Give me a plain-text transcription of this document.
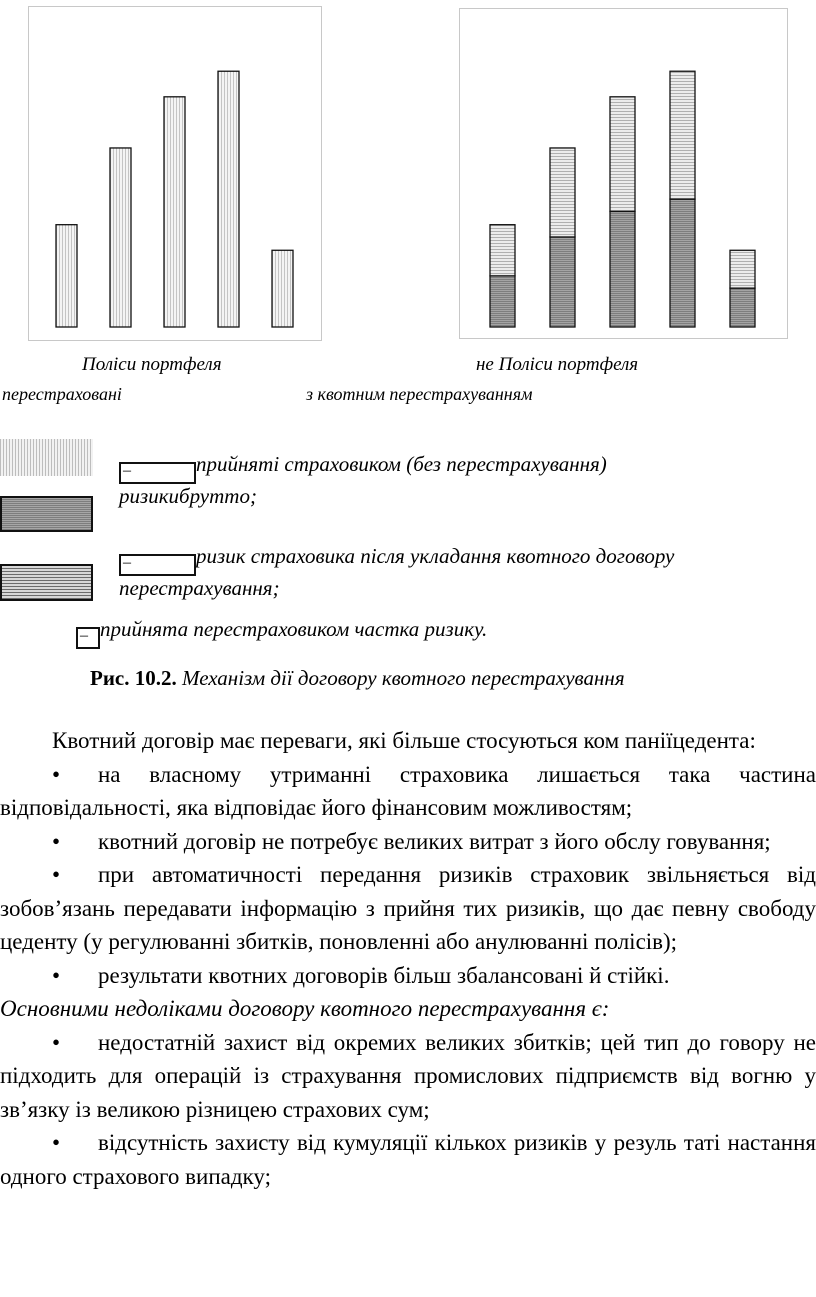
Поліси портфеля
перестраховані
не Поліси портфеля
з квотним перестрахуванням
–	прийняті страховиком (без перестрахування)
ризикибрутто;
–	ризик страховика після укладання квотного договору
перестрахування;
– прийнята перестраховиком частка ризику.
Рис. 10.2. Механізм дії договору квотного перестрахування

Квотний договір має переваги, які більше стосуються ком паніїцедента:

• на власному утриманні страховика лишається така частина відповідальності, яка відповідає його фінансовим можливостям;

• квотний договір не потребує великих витрат з його обслу говування;

• при автоматичності передання ризиків страховик звільняється від зобов’язань передавати інформацію з прийня тих ризиків, що дає певну свободу цеденту (у регулюванні збитків, поновленні або анулюванні полісів);

• результати квотних договорів більш збалансовані й стійкі.

Основними недоліками договору квотного перестрахування є:

• недостатній захист від окремих великих збитків; цей тип до говору не підходить для операцій із страхування промислових підприємств від вогню у зв’язку із великою різницею страхових сум;

• відсутність захисту від кумуляції кількох ризиків у резуль таті настання одного страхового випадку;
